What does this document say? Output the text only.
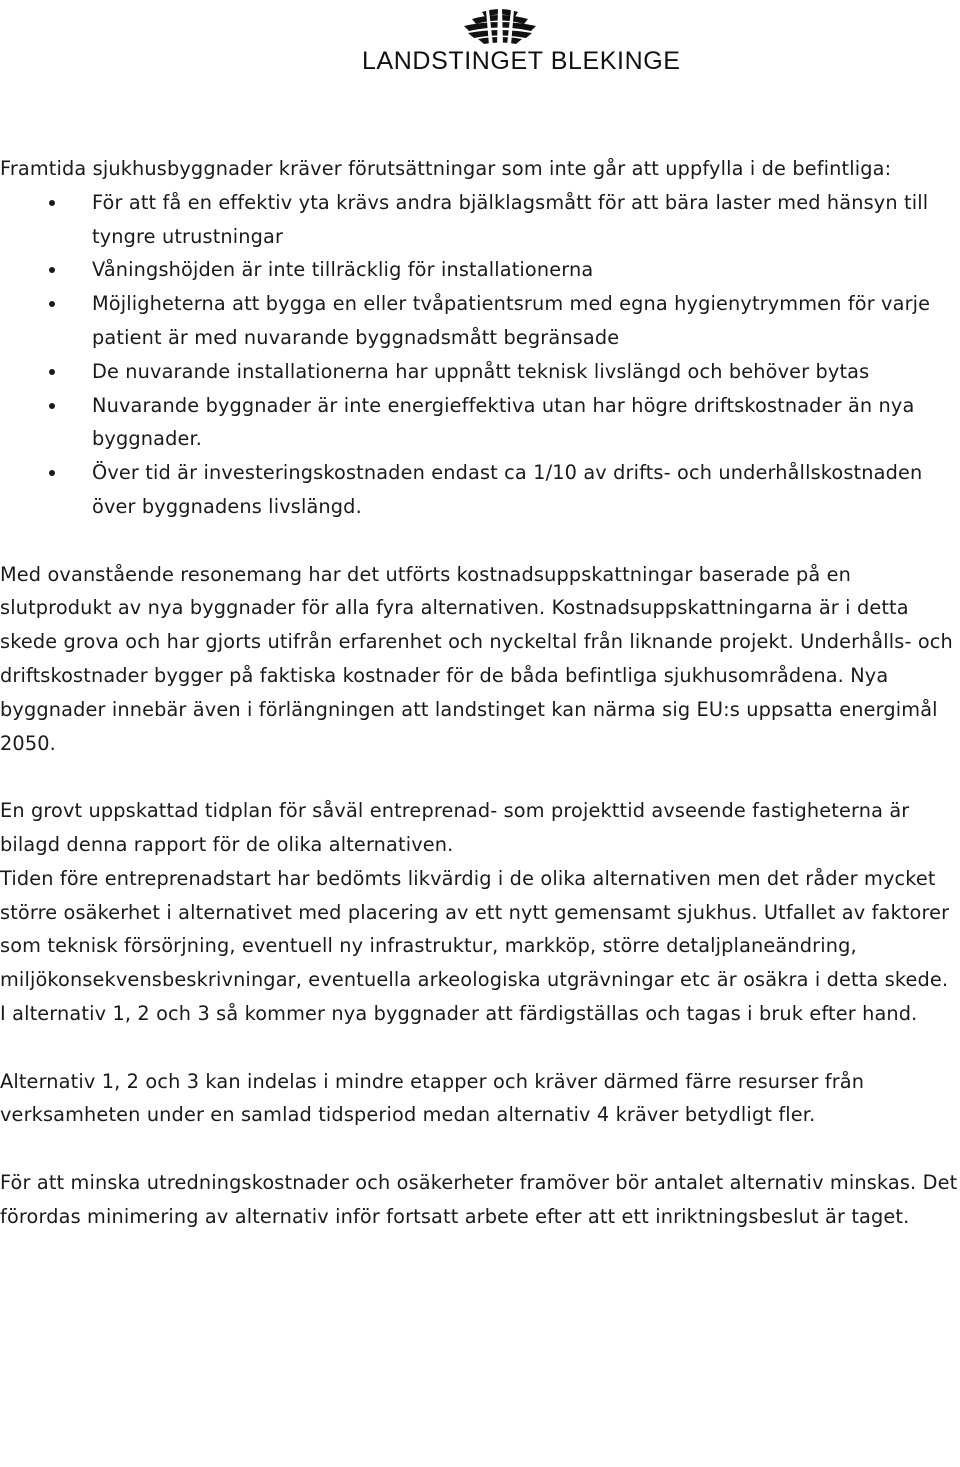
LANDSTINGET BLEKINGE

Framtida sjukhusbyggnader kräver förutsättningar som inte går att uppfylla i de befintliga:

För att få en effektiv yta krävs andra bjälklagsmått för att bära laster med hänsyn till tyngre utrustningar
Våningshöjden är inte tillräcklig för installationerna
Möjligheterna att bygga en eller tvåpatientsrum med egna hygienytrymmen för varje patient är med nuvarande byggnadsmått begränsade
De nuvarande installationerna har uppnått teknisk livslängd och behöver bytas
Nuvarande byggnader är inte energieffektiva utan har högre driftskostnader än nya byggnader.
Över tid är investeringskostnaden endast ca 1/10 av drifts- och underhållskostnaden över byggnadens livslängd.

Med ovanstående resonemang har det utförts kostnadsuppskattningar baserade på en slutprodukt av nya byggnader för alla fyra alternativen. Kostnadsuppskattningarna är i detta skede grova och har gjorts utifrån erfarenhet och nyckeltal från liknande projekt. Underhålls- och driftskostnader bygger på faktiska kostnader för de båda befintliga sjukhusområdena. Nya byggnader innebär även i förlängningen att landstinget kan närma sig EU:s uppsatta energimål 2050.

En grovt uppskattad tidplan för såväl entreprenad- som projekttid avseende fastigheterna är bilagd denna rapport för de olika alternativen.

Tiden före entreprenadstart har bedömts likvärdig i de olika alternativen men det råder mycket större osäkerhet i alternativet med placering av ett nytt gemensamt sjukhus. Utfallet av faktorer som teknisk försörjning, eventuell ny infrastruktur, markköp, större detaljplaneändring, miljökonsekvensbeskrivningar, eventuella arkeologiska utgrävningar etc är osäkra i detta skede. I alternativ 1, 2 och 3 så kommer nya byggnader att färdigställas och tagas i bruk efter hand.

Alternativ 1, 2 och 3 kan indelas i mindre etapper och kräver därmed färre resurser från verksamheten under en samlad tidsperiod medan alternativ 4 kräver betydligt fler.

För att minska utredningskostnader och osäkerheter framöver bör antalet alternativ minskas. Det förordas minimering av alternativ inför fortsatt arbete efter att ett inriktningsbeslut är taget.
